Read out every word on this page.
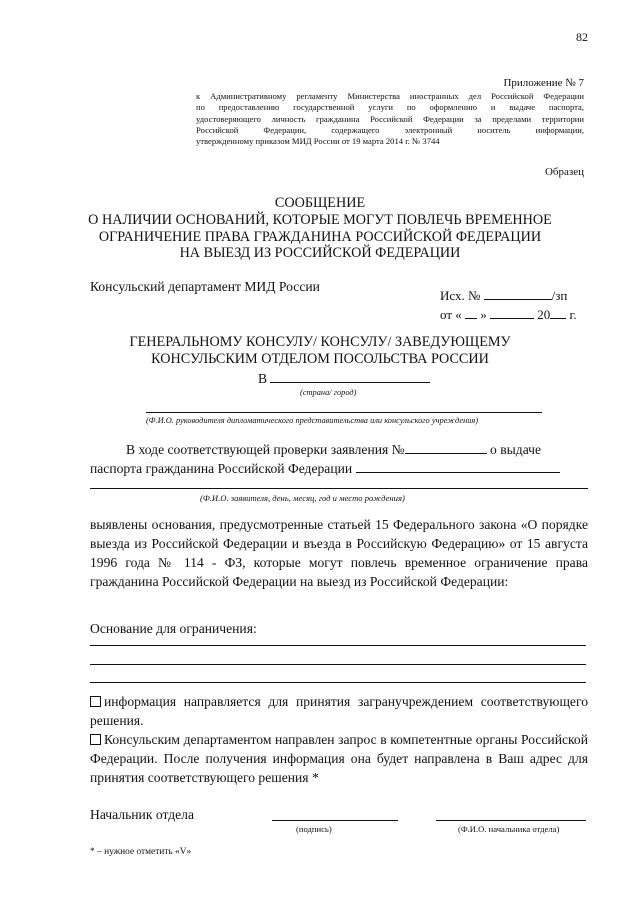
82
Приложение № 7
к Административному регламенту Министерства иностранных дел Российской Федерации
по предоставлению государственной услуги по оформлению и выдаче паспорта,
удостоверяющего личность гражданина Российской Федерации за пределами территории
Российской Федерации, содержащего электронный носитель информации,
утвержденному приказом МИД России от 19 марта 2014 г. № 3744
Образец
СООБЩЕНИЕ
О НАЛИЧИИ ОСНОВАНИЙ, КОТОРЫЕ МОГУТ ПОВЛЕЧЬ ВРЕМЕННОЕ
ОГРАНИЧЕНИЕ ПРАВА ГРАЖДАНИНА РОССИЙСКОЙ ФЕДЕРАЦИИ
НА ВЫЕЗД ИЗ РОССИЙСКОЙ ФЕДЕРАЦИИ
Консульский департамент МИД России
Исх. №	/зп
от « »	20 г.
ГЕНЕРАЛЬНОМУ КОНСУЛУ/ КОНСУЛУ/ ЗАВЕДУЮЩЕМУ
КОНСУЛЬСКИМ ОТДЕЛОМ ПОСОЛЬСТВА РОССИИ
В
(страна/ город)
(Ф.И.О. руководителя дипломатического представительства или консульского учреждения)
В ходе соответствующей проверки заявления №	о выдаче
паспорта гражданина Российской Федерации
(Ф.И.О. заявителя, день, месяц, год и место рождения)
выявлены основания, предусмотренные статьей 15 Федерального закона «О порядке выезда из Российской Федерации и въезда в Российскую Федерацию» от 15 августа 1996 года № 114 - ФЗ, которые могут повлечь временное ограничение права гражданина Российской Федерации на выезд из Российской Федерации:
Основание для ограничения:
информация направляется для принятия загранучреждением соответствующего решения.
Консульским департаментом направлен запрос в компетентные органы Российской Федерации. После получения информация она будет направлена в Ваш адрес для принятия соответствующего решения *
Начальник отдела
(подпись)	(Ф.И.О. начальника отдела)
* – нужное отметить «V»
